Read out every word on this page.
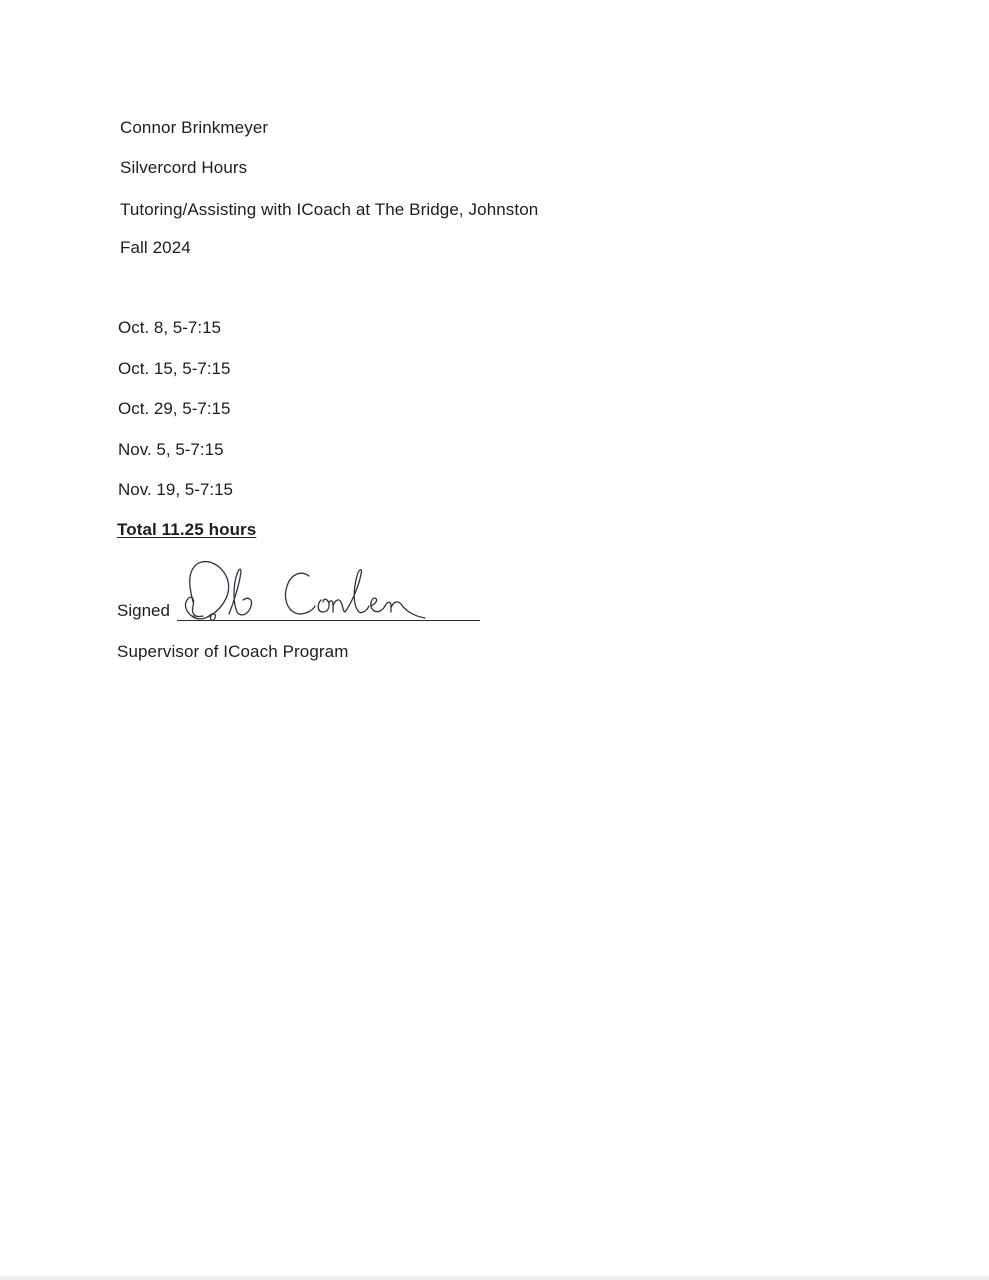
Connor Brinkmeyer
Silvercord Hours
Tutoring/Assisting with ICoach at The Bridge, Johnston
Fall 2024
Oct. 8, 5-7:15
Oct. 15, 5-7:15
Oct. 29, 5-7:15
Nov. 5, 5-7:15
Nov. 19, 5-7:15
Total 11.25 hours
Signed
Supervisor of ICoach Program
